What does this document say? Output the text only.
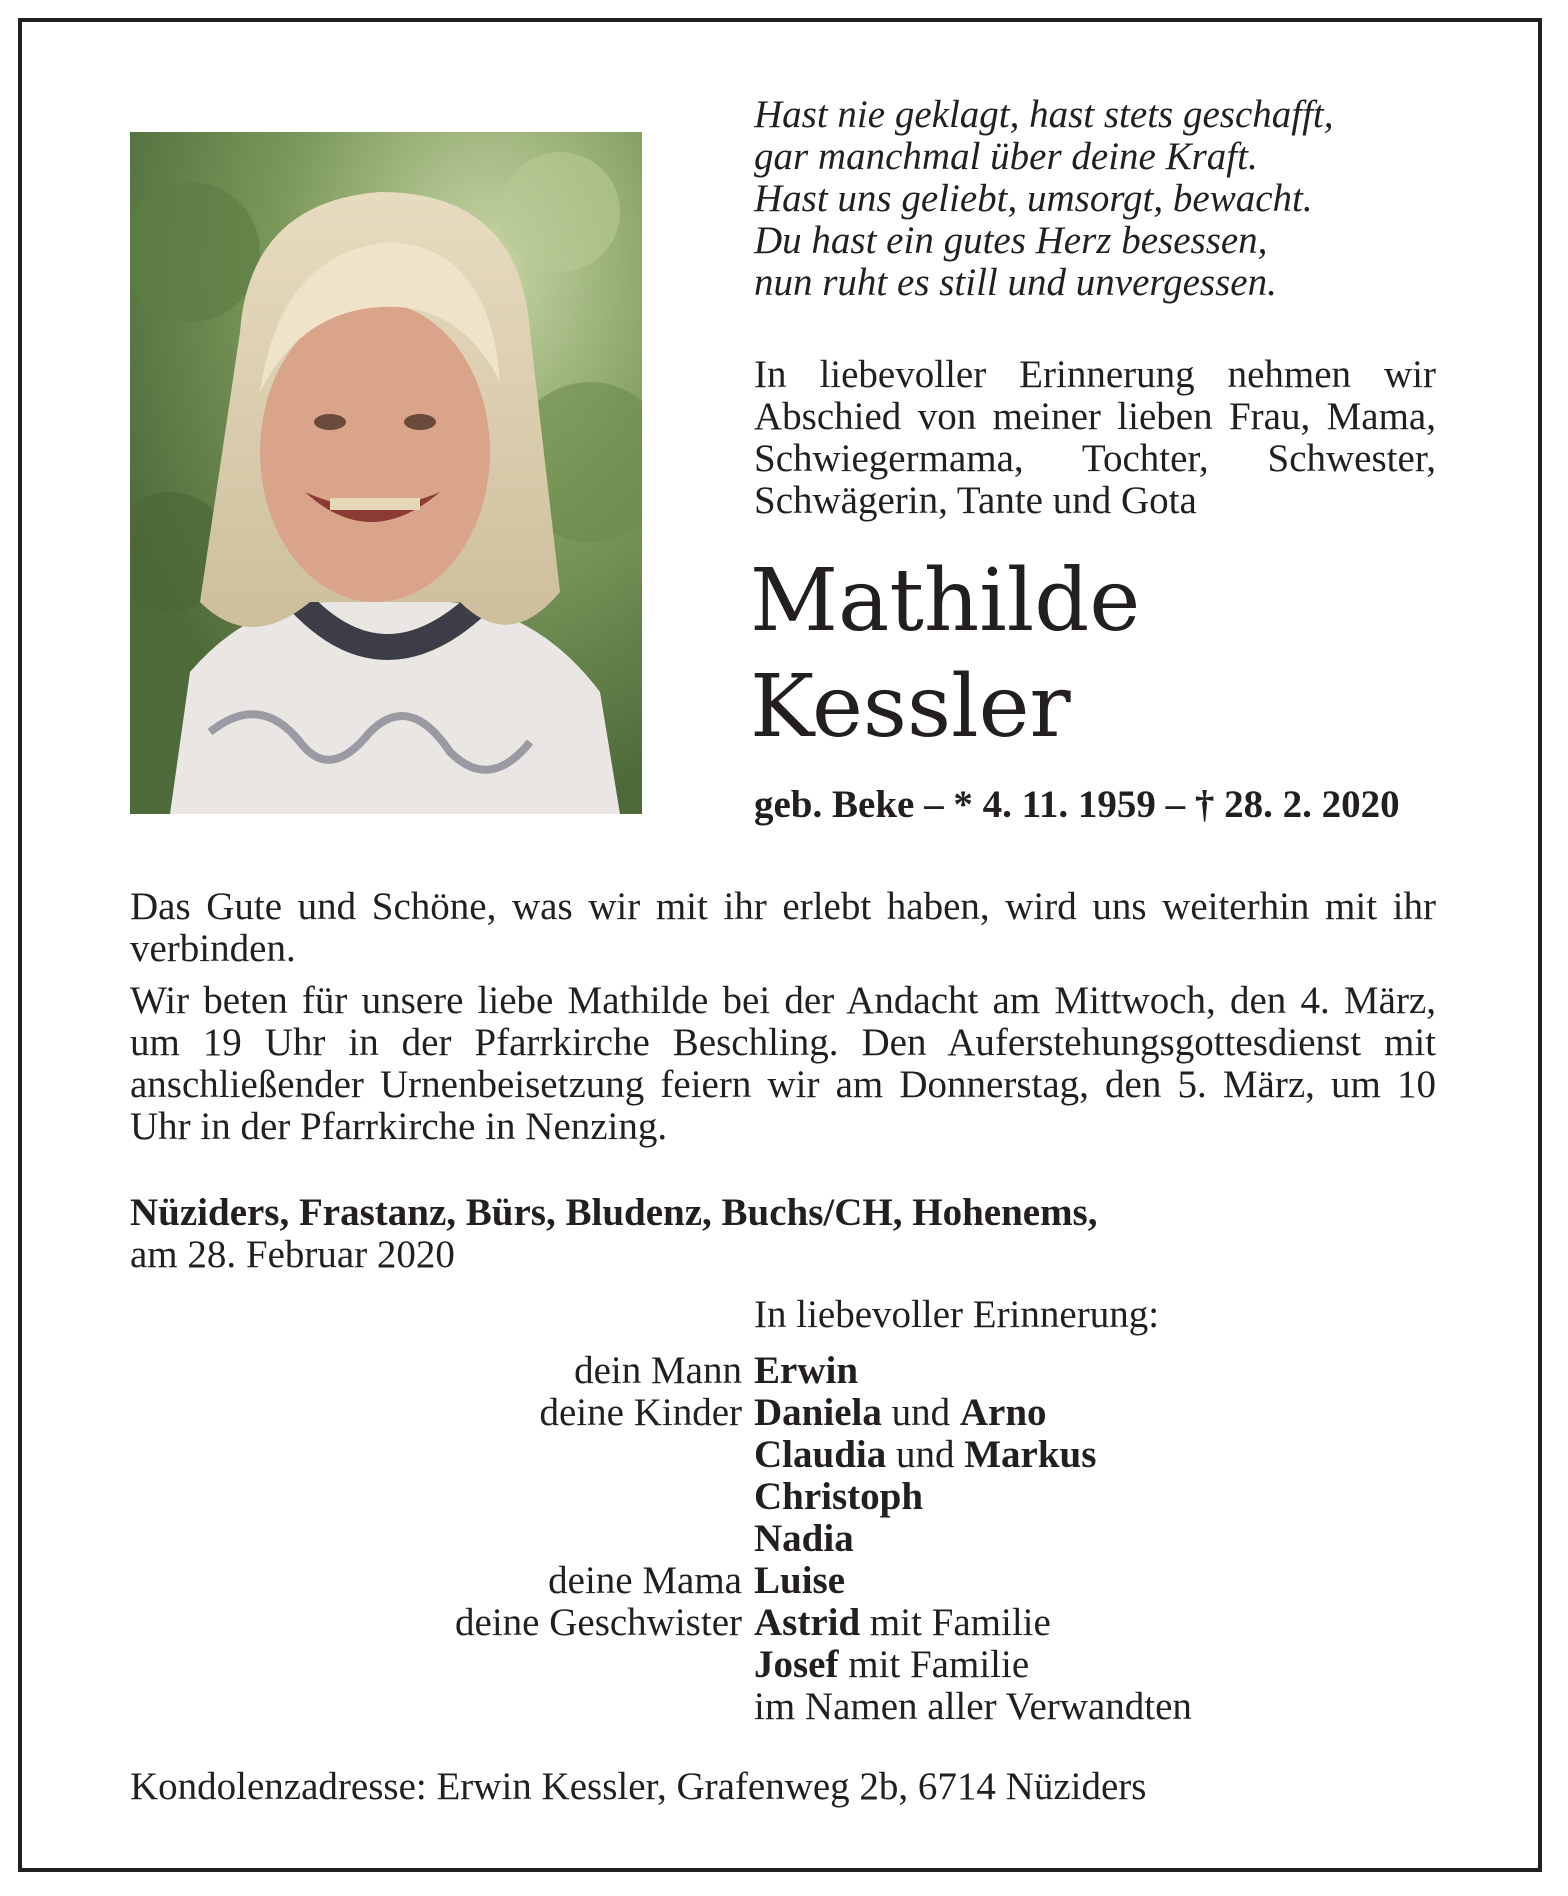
Hast nie geklagt, hast stets geschafft,
gar manchmal über deine Kraft.
Hast uns geliebt, umsorgt, bewacht.
Du hast ein gutes Herz besessen,
nun ruht es still und unvergessen.
In liebevoller Erinnerung nehmen wir Abschied von meiner lieben Frau, Mama, Schwiegermama, Tochter, Schwester, Schwägerin, Tante und Gota
Mathilde
Kessler
geb. Beke – * 4. 11. 1959 – † 28. 2. 2020
Das Gute und Schöne, was wir mit ihr erlebt haben, wird uns weiterhin mit ihr verbinden.
Wir beten für unsere liebe Mathilde bei der Andacht am Mittwoch, den 4. März, um 19 Uhr in der Pfarrkirche Beschling. Den Auferstehungsgottesdienst mit anschließender Urnenbeisetzung feiern wir am Donnerstag, den 5. März, um 10 Uhr in der Pfarrkirche in Nenzing.
Nüziders, Frastanz, Bürs, Bludenz, Buchs/CH, Hohenems,
am 28. Februar 2020
In liebevoller Erinnerung:
dein Mann Erwin
deine Kinder Daniela und Arno
Claudia und Markus
Christoph
Nadia
deine Mama Luise
deine Geschwister Astrid mit Familie
Josef mit Familie
im Namen aller Verwandten
Kondolenzadresse: Erwin Kessler, Grafenweg 2b, 6714 Nüziders
